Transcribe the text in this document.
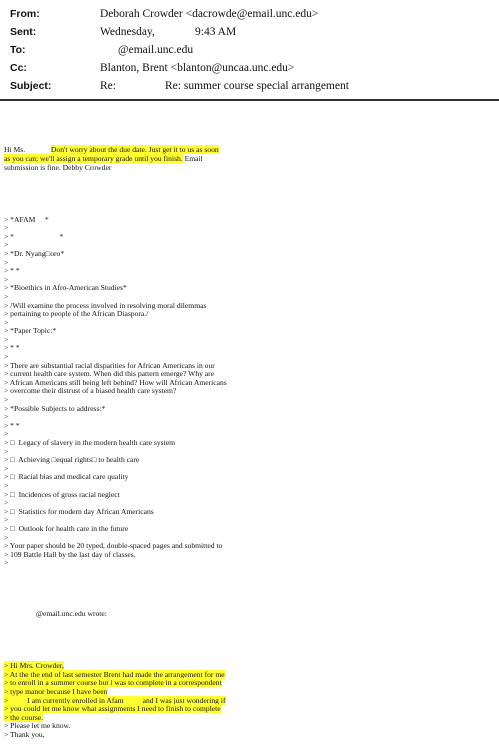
From:	Deborah Crowder <dacrowde@email.unc.edu>
Sent:	Wednesday,	9:43 AM
To:	@email.unc.edu
Cc:	Blanton, Brent <blanton@uncaa.unc.edu>
Subject:	Re:	Re: summer course special arrangement

Hi Ms.	Don't worry about the due date. Just get it to us as soon
as you can; we'll assign a temporary grade until you finish. Email
submission is fine. Debby Crowder

> *AFAM     *
>
> *                        *
>
> *Dr. Nyang□oro*
>
> * *
>
> *Bioethics in Afro-American Studies*
>
> /Will examine the process involved in resolving moral dilemmas
> pertaining to people of the African Diaspora./
>
> *Paper Topic:*
>
> * *
>
> There are substantial racial disparities for African Americans in our
> current health care system. When did this pattern emerge? Why are
> African Americans still being left behind? How will African Americans
> overcome their distrust of a biased health care system?
>
> *Possible Subjects to address:*
>
> * *
>
> □  Legacy of slavery in the modern health care system
>
> □  Achieving □equal rights□ to health care
>
> □  Racial bias and medical care quality
>
> □  Incidences of gross racial neglect
>
> □  Statistics for modern day African Americans
>
> □  Outlook for health care in the future
>
> Your paper should be 20 typed, double-spaced pages and submitted to
> 109 Battle Hall by the last day of classes.
>

@email.unc.edu wrote:

> Hi Mrs. Crowder,
> At the the end of last semester Brent had made the arrangement for me
> to enroll in a summer course but i was to complete in a correspondent
> type manor because I have been
>          I am currently enrolled in Afam          and I was just wondering if
> you could let me know what assignments I need to finish to complete
> the course.
> Please let me know.
> Thank you,
